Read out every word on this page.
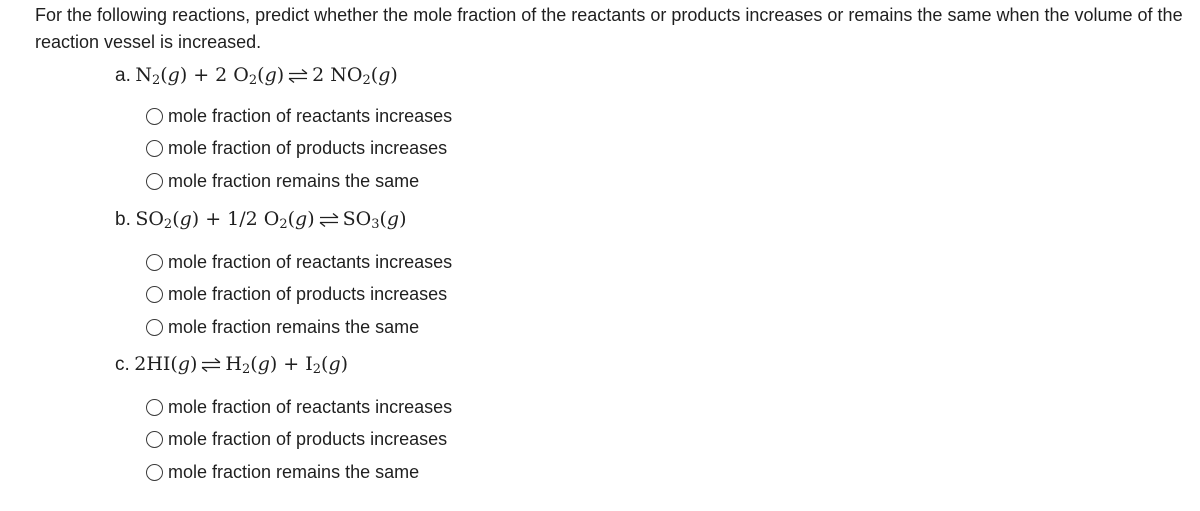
For the following reactions, predict whether the mole fraction of the reactants or products increases or remains the same when the volume of the reaction vessel is increased.
a. $N_2(g) + 2$ $O_2(g)\rightleftharpoons 2$ $NO_2(g)$
mole fraction of reactants increases
mole fraction of products increases
mole fraction remains the same
b. $SO_2(g) + 1/2$ $O_2(g)\rightleftharpoons SO_3(g)$
mole fraction of reactants increases
mole fraction of products increases
mole fraction remains the same
c. $2HI(g)\rightleftharpoons H_2(g) + I_2(g)$
mole fraction of reactants increases
mole fraction of products increases
mole fraction remains the same
